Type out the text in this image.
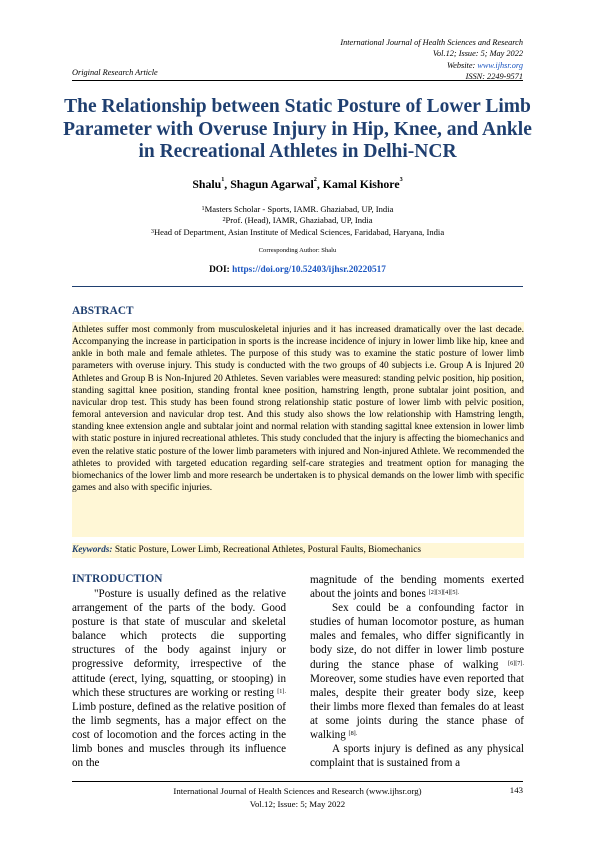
International Journal of Health Sciences and Research
Vol.12; Issue: 5; May 2022
Website: www.ijhsr.org
ISSN: 2249-9571
Original Research Article
The Relationship between Static Posture of Lower Limb Parameter with Overuse Injury in Hip, Knee, and Ankle in Recreational Athletes in Delhi-NCR
Shalu$^1$, Shagun Agarwal$^2$, Kamal Kishore$^3$
$^1$Masters Scholar - Sports, IAMR. Ghaziabad, UP, India
$^2$Prof. (Head), IAMR, Ghaziabad, UP, India
$^3$Head of Department, Asian Institute of Medical Sciences, Faridabad, Haryana, India
Corresponding Author: Shalu
DOI: https://doi.org/10.52403/ijhsr.20220517
ABSTRACT
Athletes suffer most commonly from musculoskeletal injuries and it has increased dramatically over the last decade. Accompanying the increase in participation in sports is the increase incidence of injury in lower limb like hip, knee and ankle in both male and female athletes. The purpose of this study was to examine the static posture of lower limb parameters with overuse injury. This study is conducted with the two groups of 40 subjects i.e. Group A is Injured 20 Athletes and Group B is Non-Injured 20 Athletes. Seven variables were measured: standing pelvic position, hip position, standing sagittal knee position, standing frontal knee position, hamstring length, prone subtalar joint position, and navicular drop test. This study has been found strong relationship static posture of lower limb with pelvic position, femoral anteversion and navicular drop test. And this study also shows the low relationship with Hamstring length, standing knee extension angle and subtalar joint and normal relation with standing sagittal knee extension in lower limb with static posture in injured recreational athletes. This study concluded that the injury is affecting the biomechanics and even the relative static posture of the lower limb parameters with injured and Non-injured Athlete. We recommended the athletes to provided with targeted education regarding self-care strategies and treatment option for managing the biomechanics of the lower limb and more research be undertaken is to physical demands on the lower limb with specific games and also with specific injuries.
Keywords: Static Posture, Lower Limb, Recreational Athletes, Postural Faults, Biomechanics
INTRODUCTION

"Posture is usually defined as the relative arrangement of the parts of the body. Good posture is that state of muscular and skeletal balance which protects die supporting structures of the body against injury or progressive deformity, irrespective of the attitude (erect, lying, squatting, or stooping) in which these structures are working or resting $^{[1].}$ Limb posture, defined as the relative position of the limb segments, has a major effect on the cost of locomotion and the forces acting in the limb bones and muscles through its influence on the

magnitude of the bending moments exerted about the joints and bones $^{[2][3][4][5].}$

Sex could be a confounding factor in studies of human locomotor posture, as human males and females, who differ significantly in body size, do not differ in lower limb posture during the stance phase of walking $^{[6][7].}$ Moreover, some studies have even reported that males, despite their greater body size, keep their limbs more flexed than females do at least at some joints during the stance phase of walking $^{[8].}$

A sports injury is defined as any physical complaint that is sustained from a

International Journal of Health Sciences and Research (www.ijhsr.org)
Vol.12; Issue: 5; May 2022
143
